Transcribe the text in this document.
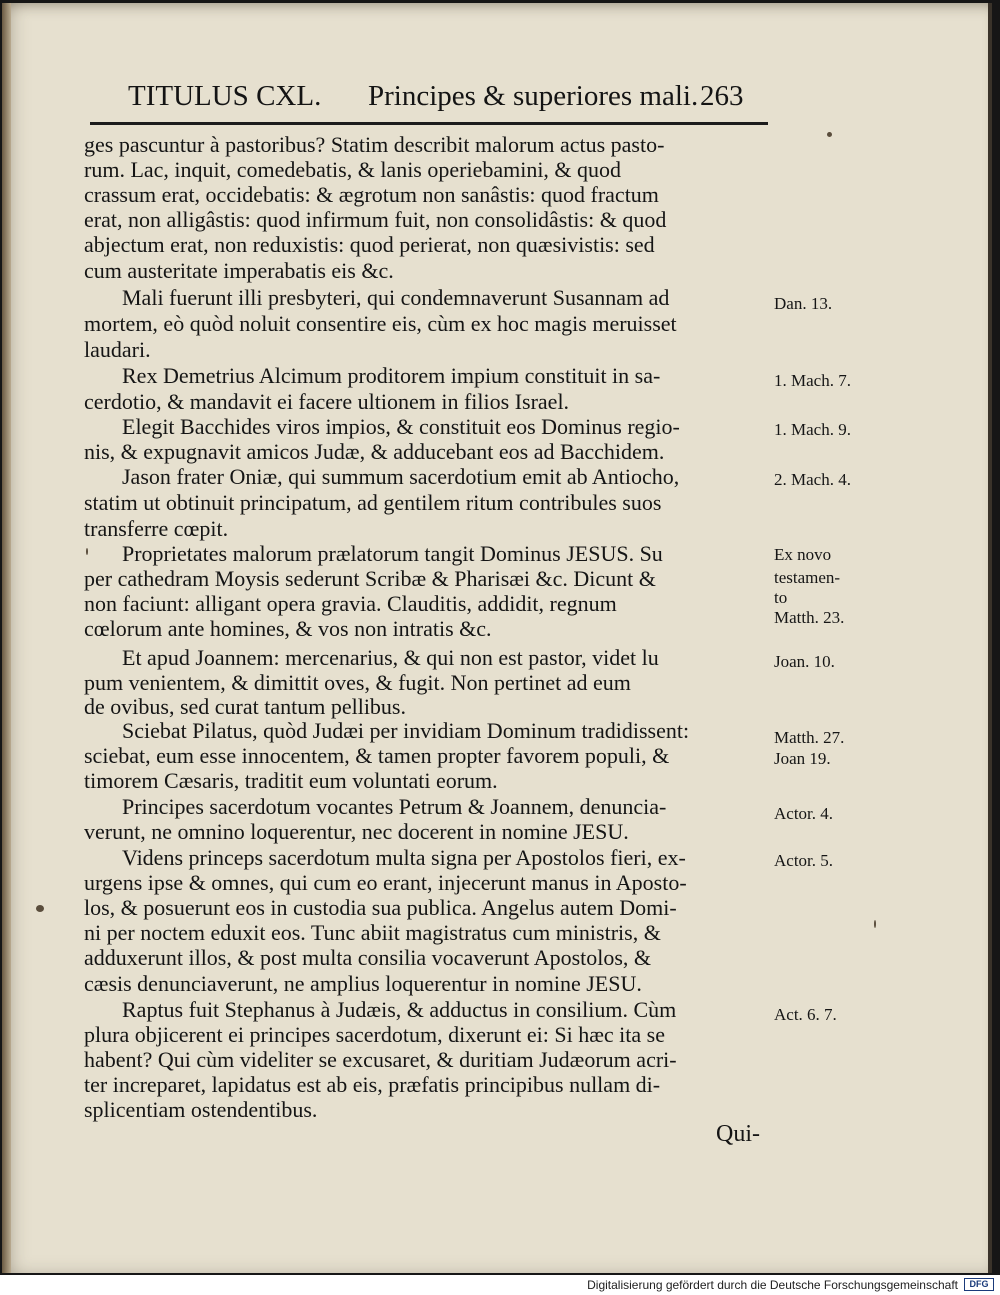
TITULUS CXL. Principes & superiores mali. 263
ges pascuntur à pastoribus? Statim describit malorum actus pasto-
rum. Lac, inquit, comedebatis, & lanis operiebamini, & quod
crassum erat, occidebatis: & ægrotum non sanâstis: quod fractum
erat, non alligâstis: quod infirmum fuit, non consolidâstis: & quod
abjectum erat, non reduxistis: quod perierat, non quæsivistis: sed
cum austeritate imperabatis eis &c.
Mali fuerunt illi presbyteri, qui condemnaverunt Susannam ad
mortem, eò quòd noluit consentire eis, cùm ex hoc magis meruisset
laudari.
Rex Demetrius Alcimum proditorem impium constituit in sa-
cerdotio, & mandavit ei facere ultionem in filios Israel.
Elegit Bacchides viros impios, & constituit eos Dominus regio-
nis, & expugnavit amicos Judæ, & adducebant eos ad Bacchidem.
Jason frater Oniæ, qui summum sacerdotium emit ab Antiocho,
statim ut obtinuit principatum, ad gentilem ritum contribules suos
transferre cœpit.
Proprietates malorum prælatorum tangit Dominus JESUS. Su
per cathedram Moysis sederunt Scribæ & Pharisæi &c. Dicunt &
non faciunt: alligant opera gravia. Clauditis, addidit, regnum
cœlorum ante homines, & vos non intratis &c.
Et apud Joannem: mercenarius, & qui non est pastor, videt lu
pum venientem, & dimittit oves, & fugit. Non pertinet ad eum
de ovibus, sed curat tantum pellibus.
Sciebat Pilatus, quòd Judæi per invidiam Dominum tradidissent:
sciebat, eum esse innocentem, & tamen propter favorem populi, &
timorem Cæsaris, traditit eum voluntati eorum.
Principes sacerdotum vocantes Petrum & Joannem, denuncia-
verunt, ne omnino loquerentur, nec docerent in nomine JESU.
Videns princeps sacerdotum multa signa per Apostolos fieri, ex-
urgens ipse & omnes, qui cum eo erant, injecerunt manus in Aposto-
los, & posuerunt eos in custodia sua publica. Angelus autem Domi-
ni per noctem eduxit eos. Tunc abiit magistratus cum ministris, &
adduxerunt illos, & post multa consilia vocaverunt Apostolos, &
cæsis denunciaverunt, ne amplius loquerentur in nomine JESU.
Raptus fuit Stephanus à Judæis, & adductus in consilium. Cùm
plura objicerent ei principes sacerdotum, dixerunt ei: Si hæc ita se
habent? Qui cùm videliter se excusaret, & duritiam Judæorum acri-
ter increparet, lapidatus est ab eis, præfatis principibus nullam di-
splicentiam ostendentibus.
Dan. 13.
1. Mach. 7.
1. Mach. 9.
2. Mach. 4.
Ex novo
testamen-
to
Matth. 23.
Joan. 10.
Matth. 27.
Joan 19.
Actor. 4.
Actor. 5.
Act. 6. 7.
Qui-
Digitalisierung gefördert durch die Deutsche Forschungsgemeinschaft	DFG
